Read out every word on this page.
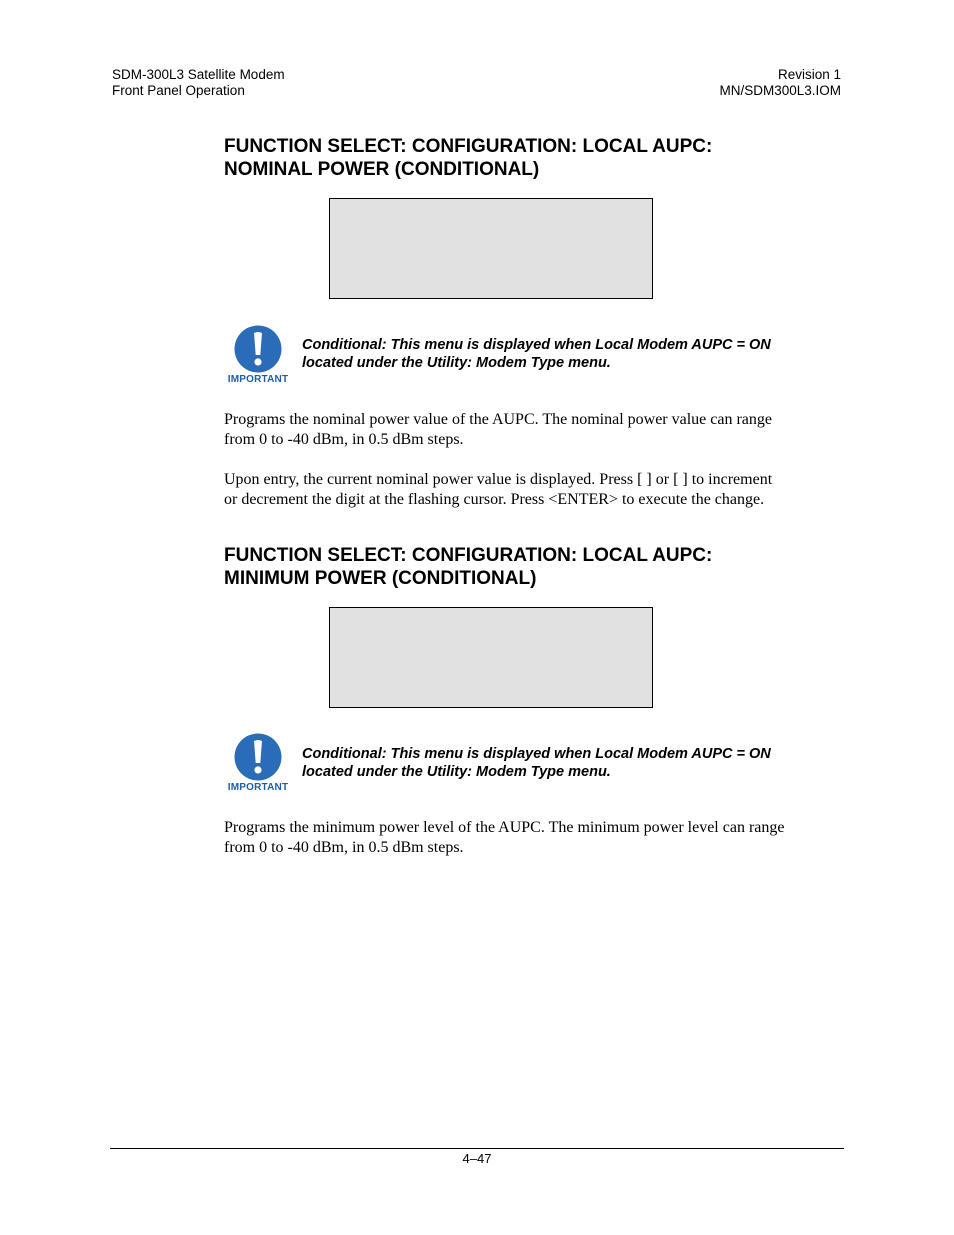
SDM-300L3 Satellite Modem
Front Panel Operation
Revision 1
MN/SDM300L3.IOM
FUNCTION SELECT: CONFIGURATION: LOCAL AUPC:
NOMINAL POWER (CONDITIONAL)
IMPORTANT
Conditional: This menu is displayed when Local Modem AUPC = ON
located under the Utility: Modem Type menu.
Programs the nominal power value of the AUPC. The nominal power value can range
from 0 to -40 dBm, in 0.5 dBm steps.
Upon entry, the current nominal power value is displayed. Press [ ] or [ ] to increment
or decrement the digit at the flashing cursor. Press <ENTER> to execute the change.
FUNCTION SELECT: CONFIGURATION: LOCAL AUPC:
MINIMUM POWER (CONDITIONAL)
IMPORTANT
Conditional: This menu is displayed when Local Modem AUPC = ON
located under the Utility: Modem Type menu.
Programs the minimum power level of the AUPC. The minimum power level can range
from 0 to -40 dBm, in 0.5 dBm steps.
4–47
